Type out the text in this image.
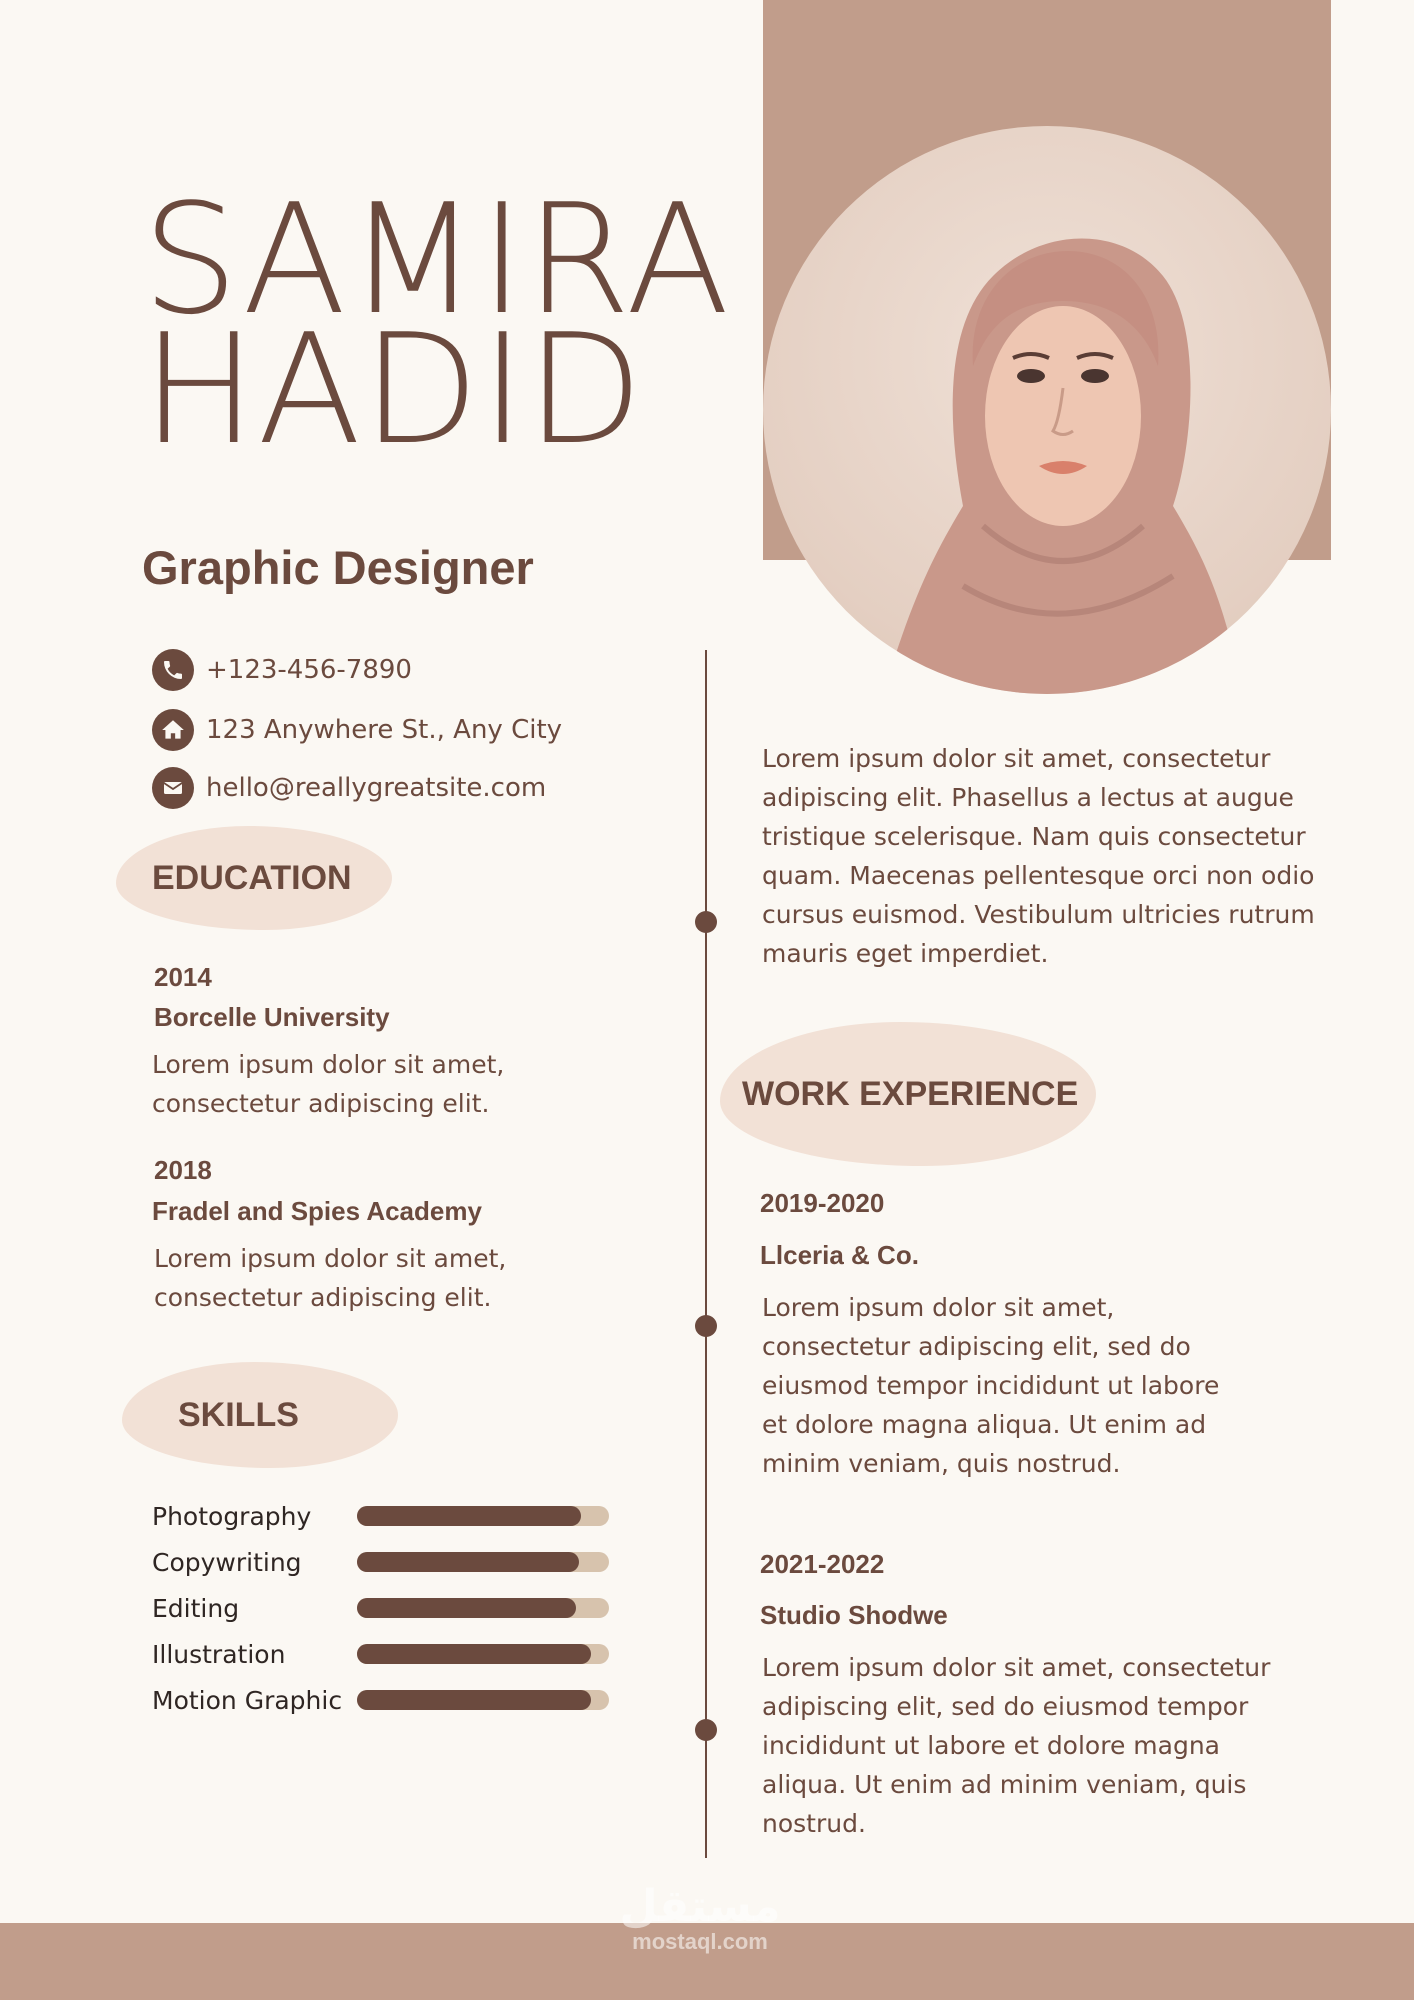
SAMIRA
HADID
Graphic Designer
+123-456-7890
123 Anywhere St., Any City
hello@reallygreatsite.com
EDUCATION
2014
Borcelle University
Lorem ipsum dolor sit amet, consectetur adipiscing elit.
2018
Fradel and Spies Academy
Lorem ipsum dolor sit amet, consectetur adipiscing elit.
SKILLS
Photography
Copywriting
Editing
Illustration
Motion Graphic
Lorem ipsum dolor sit amet, consectetur adipiscing elit. Phasellus a lectus at augue tristique scelerisque. Nam quis consectetur quam. Maecenas pellentesque orci non odio cursus euismod. Vestibulum ultricies rutrum mauris eget imperdiet.
WORK EXPERIENCE
2019-2020
Llceria & Co.
Lorem ipsum dolor sit amet, consectetur adipiscing elit, sed do eiusmod tempor incididunt ut labore et dolore magna aliqua. Ut enim ad minim veniam, quis nostrud.
2021-2022
Studio Shodwe
Lorem ipsum dolor sit amet, consectetur adipiscing elit, sed do eiusmod tempor incididunt ut labore et dolore magna aliqua. Ut enim ad minim veniam, quis nostrud.
مستقل
mostaql.com
